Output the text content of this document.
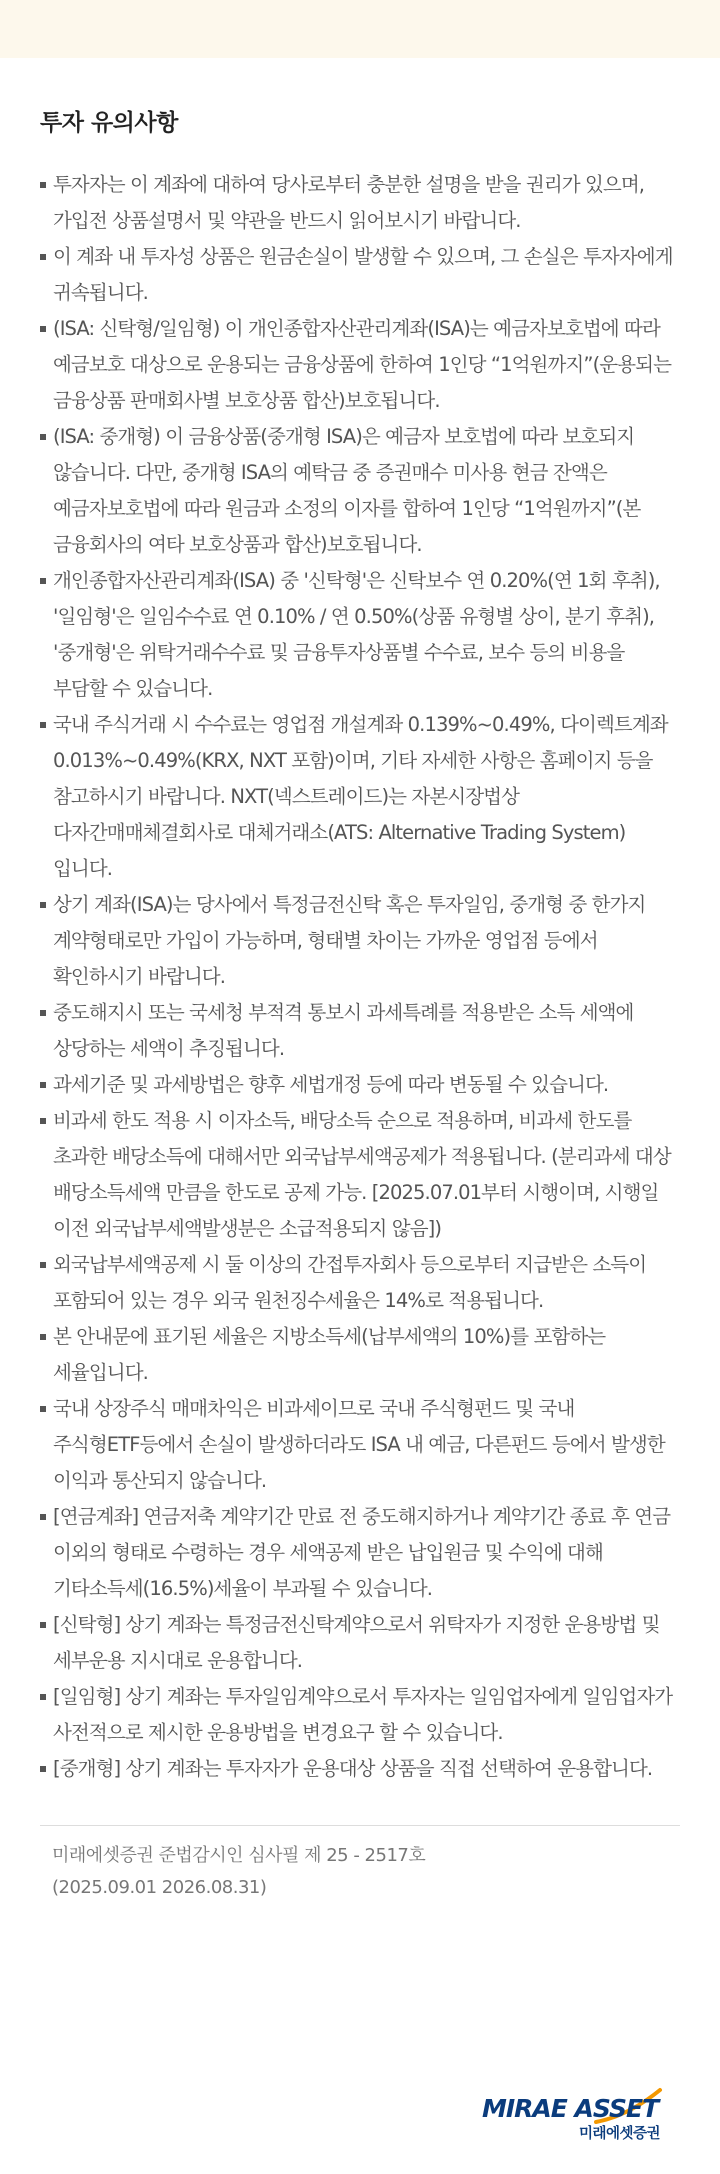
투자 유의사항
투자자는 이 계좌에 대하여 당사로부터 충분한 설명을 받을 권리가 있으며, 가입전 상품설명서 및 약관을 반드시 읽어보시기 바랍니다.
이 계좌 내 투자성 상품은 원금손실이 발생할 수 있으며, 그 손실은 투자자에게 귀속됩니다.
(ISA: 신탁형/일임형) 이 개인종합자산관리계좌(ISA)는 예금자보호법에 따라 예금보호 대상으로 운용되는 금융상품에 한하여 1인당 “1억원까지”(운용되는 금융상품 판매회사별 보호상품 합산)보호됩니다.
(ISA: 중개형) 이 금융상품(중개형 ISA)은 예금자 보호법에 따라 보호되지 않습니다. 다만, 중개형 ISA의 예탁금 중 증권매수 미사용 현금 잔액은 예금자보호법에 따라 원금과 소정의 이자를 합하여 1인당 “1억원까지”(본 금융회사의 여타 보호상품과 합산)보호됩니다.
개인종합자산관리계좌(ISA) 중 '신탁형'은 신탁보수 연 0.20%(연 1회 후취), '일임형'은 일임수수료 연 0.10% / 연 0.50%(상품 유형별 상이, 분기 후취), '중개형'은 위탁거래수수료 및 금융투자상품별 수수료, 보수 등의 비용을 부담할 수 있습니다.
국내 주식거래 시 수수료는 영업점 개설계좌 0.139%~0.49%, 다이렉트계좌 0.013%~0.49%(KRX, NXT 포함)이며, 기타 자세한 사항은 홈페이지 등을 참고하시기 바랍니다. NXT(넥스트레이드)는 자본시장법상 다자간매매체결회사로 대체거래소(ATS: Alternative Trading System)입니다.
상기 계좌(ISA)는 당사에서 특정금전신탁 혹은 투자일임, 중개형 중 한가지 계약형태로만 가입이 가능하며, 형태별 차이는 가까운 영업점 등에서 확인하시기 바랍니다.
중도해지시 또는 국세청 부적격 통보시 과세특례를 적용받은 소득 세액에 상당하는 세액이 추징됩니다.
과세기준 및 과세방법은 향후 세법개정 등에 따라 변동될 수 있습니다.
비과세 한도 적용 시 이자소득, 배당소득 순으로 적용하며, 비과세 한도를 초과한 배당소득에 대해서만 외국납부세액공제가 적용됩니다. (분리과세 대상 배당소득세액 만큼을 한도로 공제 가능. [2025.07.01부터 시행이며, 시행일 이전 외국납부세액발생분은 소급적용되지 않음])
외국납부세액공제 시 둘 이상의 간접투자회사 등으로부터 지급받은 소득이 포함되어 있는 경우 외국 원천징수세율은 14%로 적용됩니다.
본 안내문에 표기된 세율은 지방소득세(납부세액의 10%)를 포함하는 세율입니다.
국내 상장주식 매매차익은 비과세이므로 국내 주식형펀드 및 국내 주식형ETF등에서 손실이 발생하더라도 ISA 내 예금, 다른펀드 등에서 발생한 이익과 통산되지 않습니다.
[연금계좌] 연금저축 계약기간 만료 전 중도해지하거나 계약기간 종료 후 연금 이외의 형태로 수령하는 경우 세액공제 받은 납입원금 및 수익에 대해 기타소득세(16.5%)세율이 부과될 수 있습니다.
[신탁형] 상기 계좌는 특정금전신탁계약으로서 위탁자가 지정한 운용방법 및 세부운용 지시대로 운용합니다.
[일임형] 상기 계좌는 투자일임계약으로서 투자자는 일임업자에게 일임업자가 사전적으로 제시한 운용방법을 변경요구 할 수 있습니다.
[중개형] 상기 계좌는 투자자가 운용대상 상품을 직접 선택하여 운용합니다.
미래에셋증권 준법감시인 심사필 제 25 - 2517호
(2025.09.01 2026.08.31)
MIRAE ASSET
미래에셋증권
